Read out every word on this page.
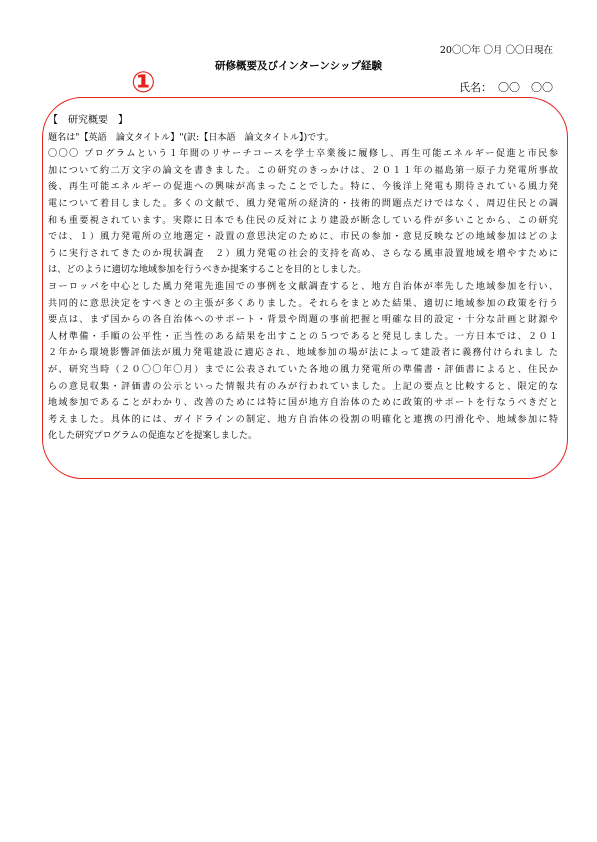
20〇〇年 〇月 〇〇日現在
研修概要及びインターンシップ経験
①	氏名： 〇〇　〇〇
【　研究概要　】
題名は"【英語　論文タイトル】"(訳:【日本語　論文タイトル】)です。
〇〇〇 プログラムという１年間のリサーチコースを学士卒業後に履修し、再生可能エネルギー促進と市民参
加について約二万文字の論文を書きました。この研究のきっかけは、２０１１年の福島第一原子力発電所事故
後、再生可能エネルギーの促進への興味が高まったことでした。特に、今後洋上発電も期待されている風力発
電について着目しました。多くの文献で、風力発電所の経済的・技術的問題点だけではなく、周辺住民との調
和も重要視されています。実際に日本でも住民の反対により建設が断念している件が多いことから、この研究
では、１）風力発電所の立地選定・設置の意思決定のために、市民の参加・意見反映などの地域参加はどのよ
うに実行されてきたのか現状調査　２）風力発電の社会的支持を高め、さらなる風車設置地域を増やすために
は、どのように適切な地域参加を行うべきか提案することを目的としました。
ヨーロッパを中心とした風力発電先進国での事例を文献調査すると、地方自治体が率先した地域参加を行い、
共同的に意思決定をすべきとの主張が多くありました。それらをまとめた結果、適切に地域参加の政策を行う
要点は、まず国からの各自治体へのサポート・背景や問題の事前把握と明確な目的設定・十分な計画と財源や
人材準備・手順の公平性・正当性のある結果を出すことの５つであると発見しました。一方日本では、２０１
２年から環境影響評価法が風力発電建設に適応され、地域参加の場が法によって建設者に義務付けられまし た
が、研究当時（２０〇〇年〇月）までに公表されていた各地の風力発電所の準備書・評価書によると、住民か
らの意見収集・評価書の公示といった情報共有のみが行われていました。上記の要点と比較すると、限定的な
地域参加であることがわかり、改善のためには特に国が地方自治体のために政策的サポートを行なうべきだと
考えました。具体的には、ガイドラインの制定、地方自治体の役割の明確化と連携の円滑化や、地域参加に特
化した研究プログラムの促進などを提案しました。
